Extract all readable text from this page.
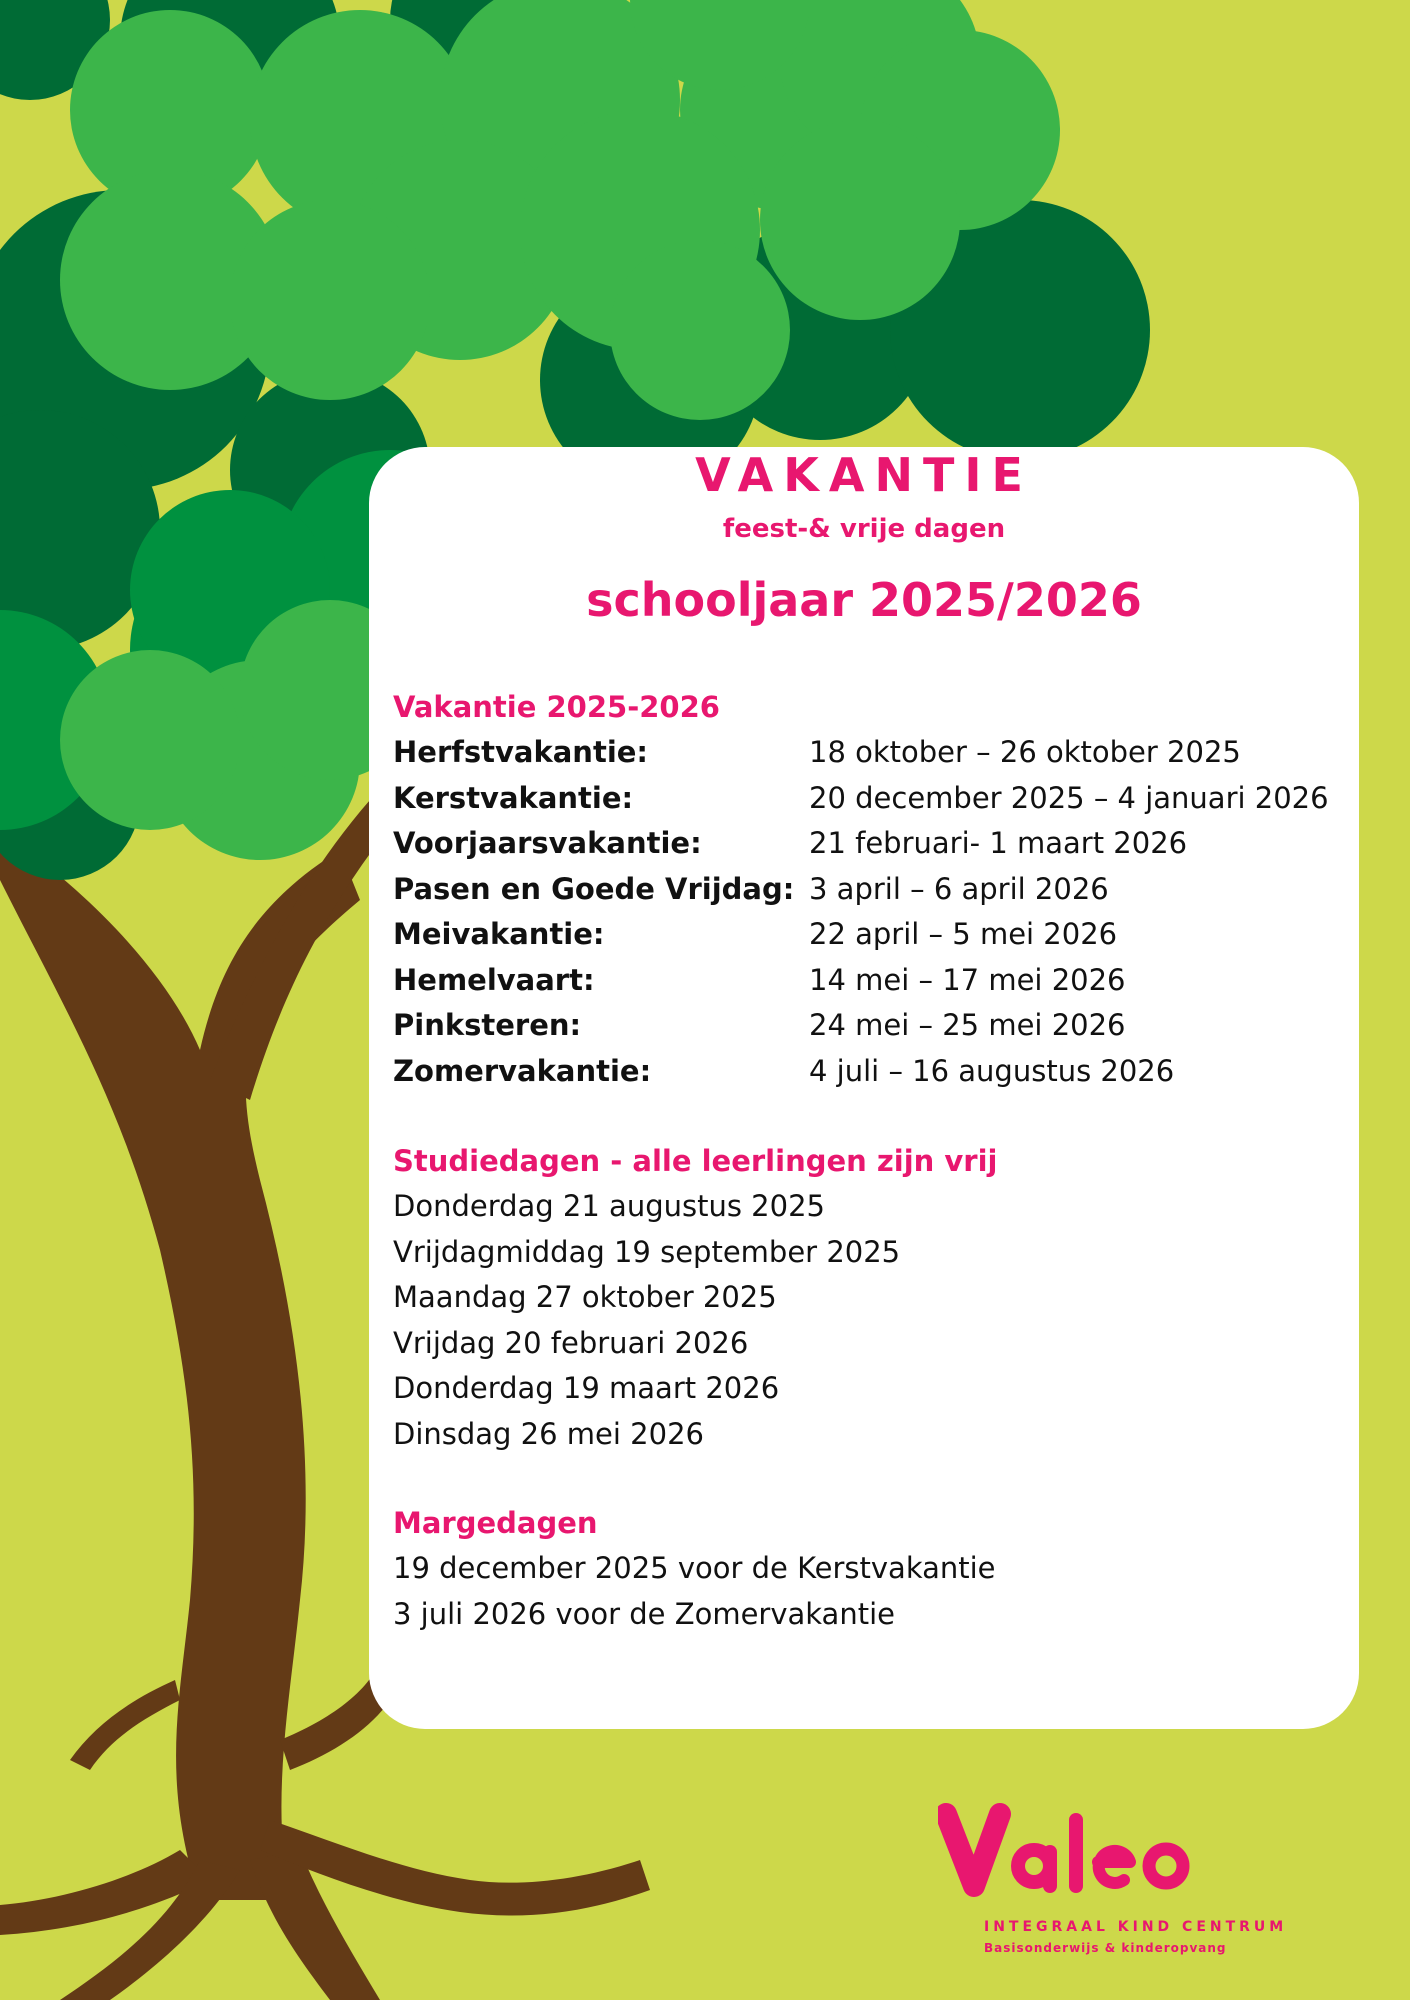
VAKANTIE
feest-& vrije dagen
schooljaar 2025/2026
Vakantie 2025-2026
Herfstvakantie:	18 oktober – 26 oktober 2025
Kerstvakantie:	20 december 2025 – 4 januari 2026
Voorjaarsvakantie:	21 februari- 1 maart 2026
Pasen en Goede Vrijdag: 3 april – 6 april 2026
Meivakantie:	22 april – 5 mei 2026
Hemelvaart:	14 mei – 17 mei 2026
Pinksteren:	24 mei – 25 mei 2026
Zomervakantie:	4 juli – 16 augustus 2026
Studiedagen - alle leerlingen zijn vrij
Donderdag 21 augustus 2025
Vrijdagmiddag 19 september 2025
Maandag 27 oktober 2025
Vrijdag 20 februari 2026
Donderdag 19 maart 2026
Dinsdag 26 mei 2026
Margedagen
19 december 2025 voor de Kerstvakantie
3 juli 2026 voor de Zomervakantie

INTEGRAAL KIND CENTRUM

Basisonderwijs & kinderopvang
